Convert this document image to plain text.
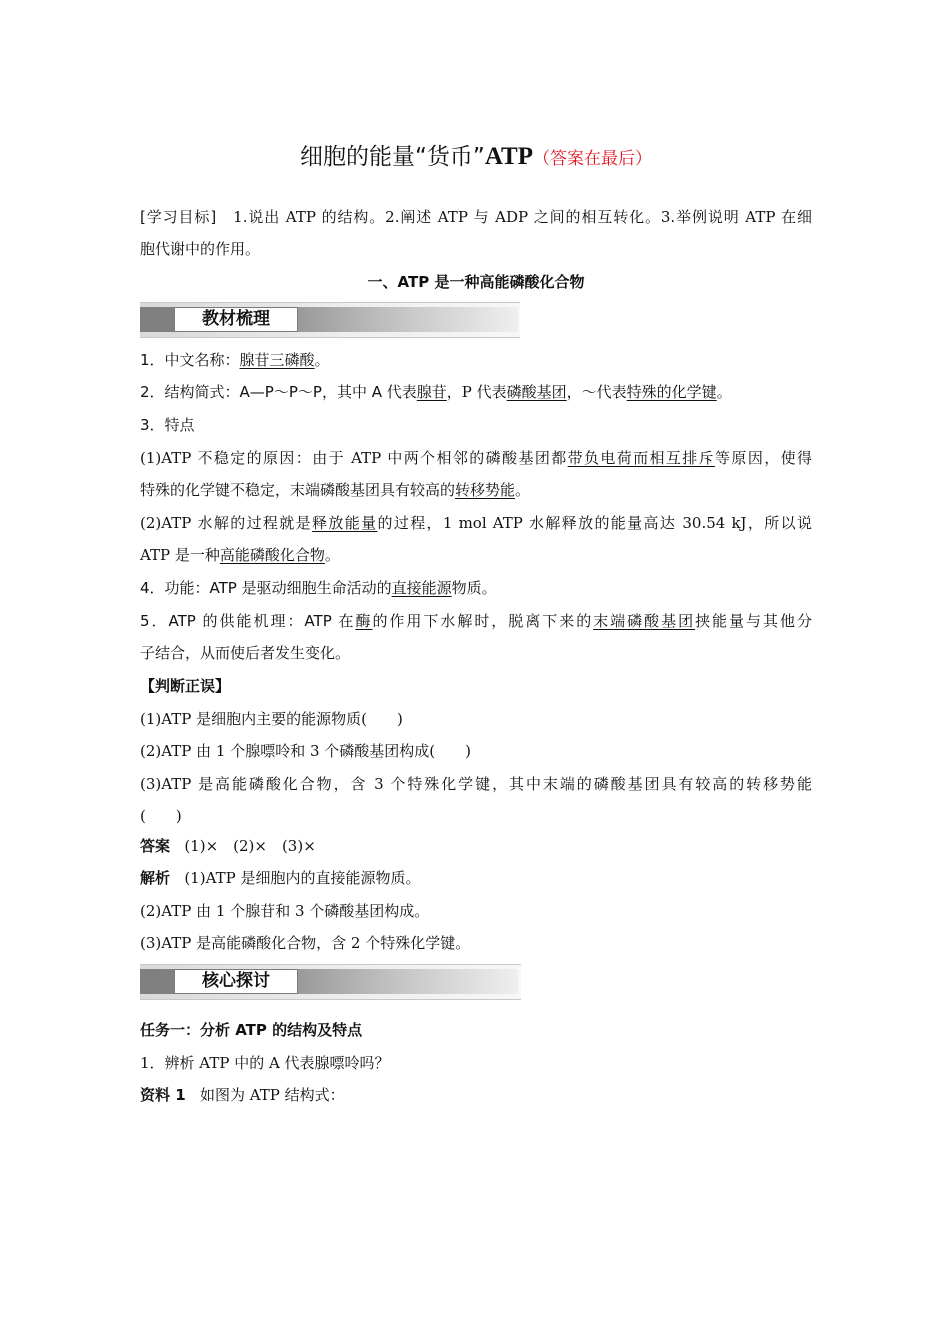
细胞的能量“货币”ATP（答案在最后）
[学习目标] 1.说出 ATP 的结构。2.阐述 ATP 与 ADP 之间的相互转化。3.举例说明 ATP 在细
胞代谢中的作用。
一、ATP 是一种高能磷酸化合物
教材梳理
1．中文名称：腺苷三磷酸。
2．结构简式：A—P～P～P，其中 A 代表腺苷，P 代表磷酸基团，～代表特殊的化学键。
3．特点
(1)ATP 不稳定的原因：由于 ATP 中两个相邻的磷酸基团都带负电荷而相互排斥等原因，使得
特殊的化学键不稳定，末端磷酸基团具有较高的转移势能。
(2)ATP 水解的过程就是释放能量的过程，1 mol ATP 水解释放的能量高达 30.54 kJ，所以说
ATP 是一种高能磷酸化合物。
4．功能：ATP 是驱动细胞生命活动的直接能源物质。
5．ATP 的供能机理：ATP 在酶的作用下水解时，脱离下来的末端磷酸基团挟能量与其他分
子结合，从而使后者发生变化。
【判断正误】
(1)ATP 是细胞内主要的能源物质(　　)
(2)ATP 由 1 个腺嘌呤和 3 个磷酸基团构成(　　)
(3)ATP 是高能磷酸化合物，含 3 个特殊化学键，其中末端的磷酸基团具有较高的转移势能
(　　)
答案 (1)×　(2)×　(3)×
解析 (1)ATP 是细胞内的直接能源物质。
(2)ATP 由 1 个腺苷和 3 个磷酸基团构成。
(3)ATP 是高能磷酸化合物，含 2 个特殊化学键。
核心探讨
任务一：分析 ATP 的结构及特点
1．辨析 ATP 中的 A 代表腺嘌呤吗？
资料 1 如图为 ATP 结构式：
